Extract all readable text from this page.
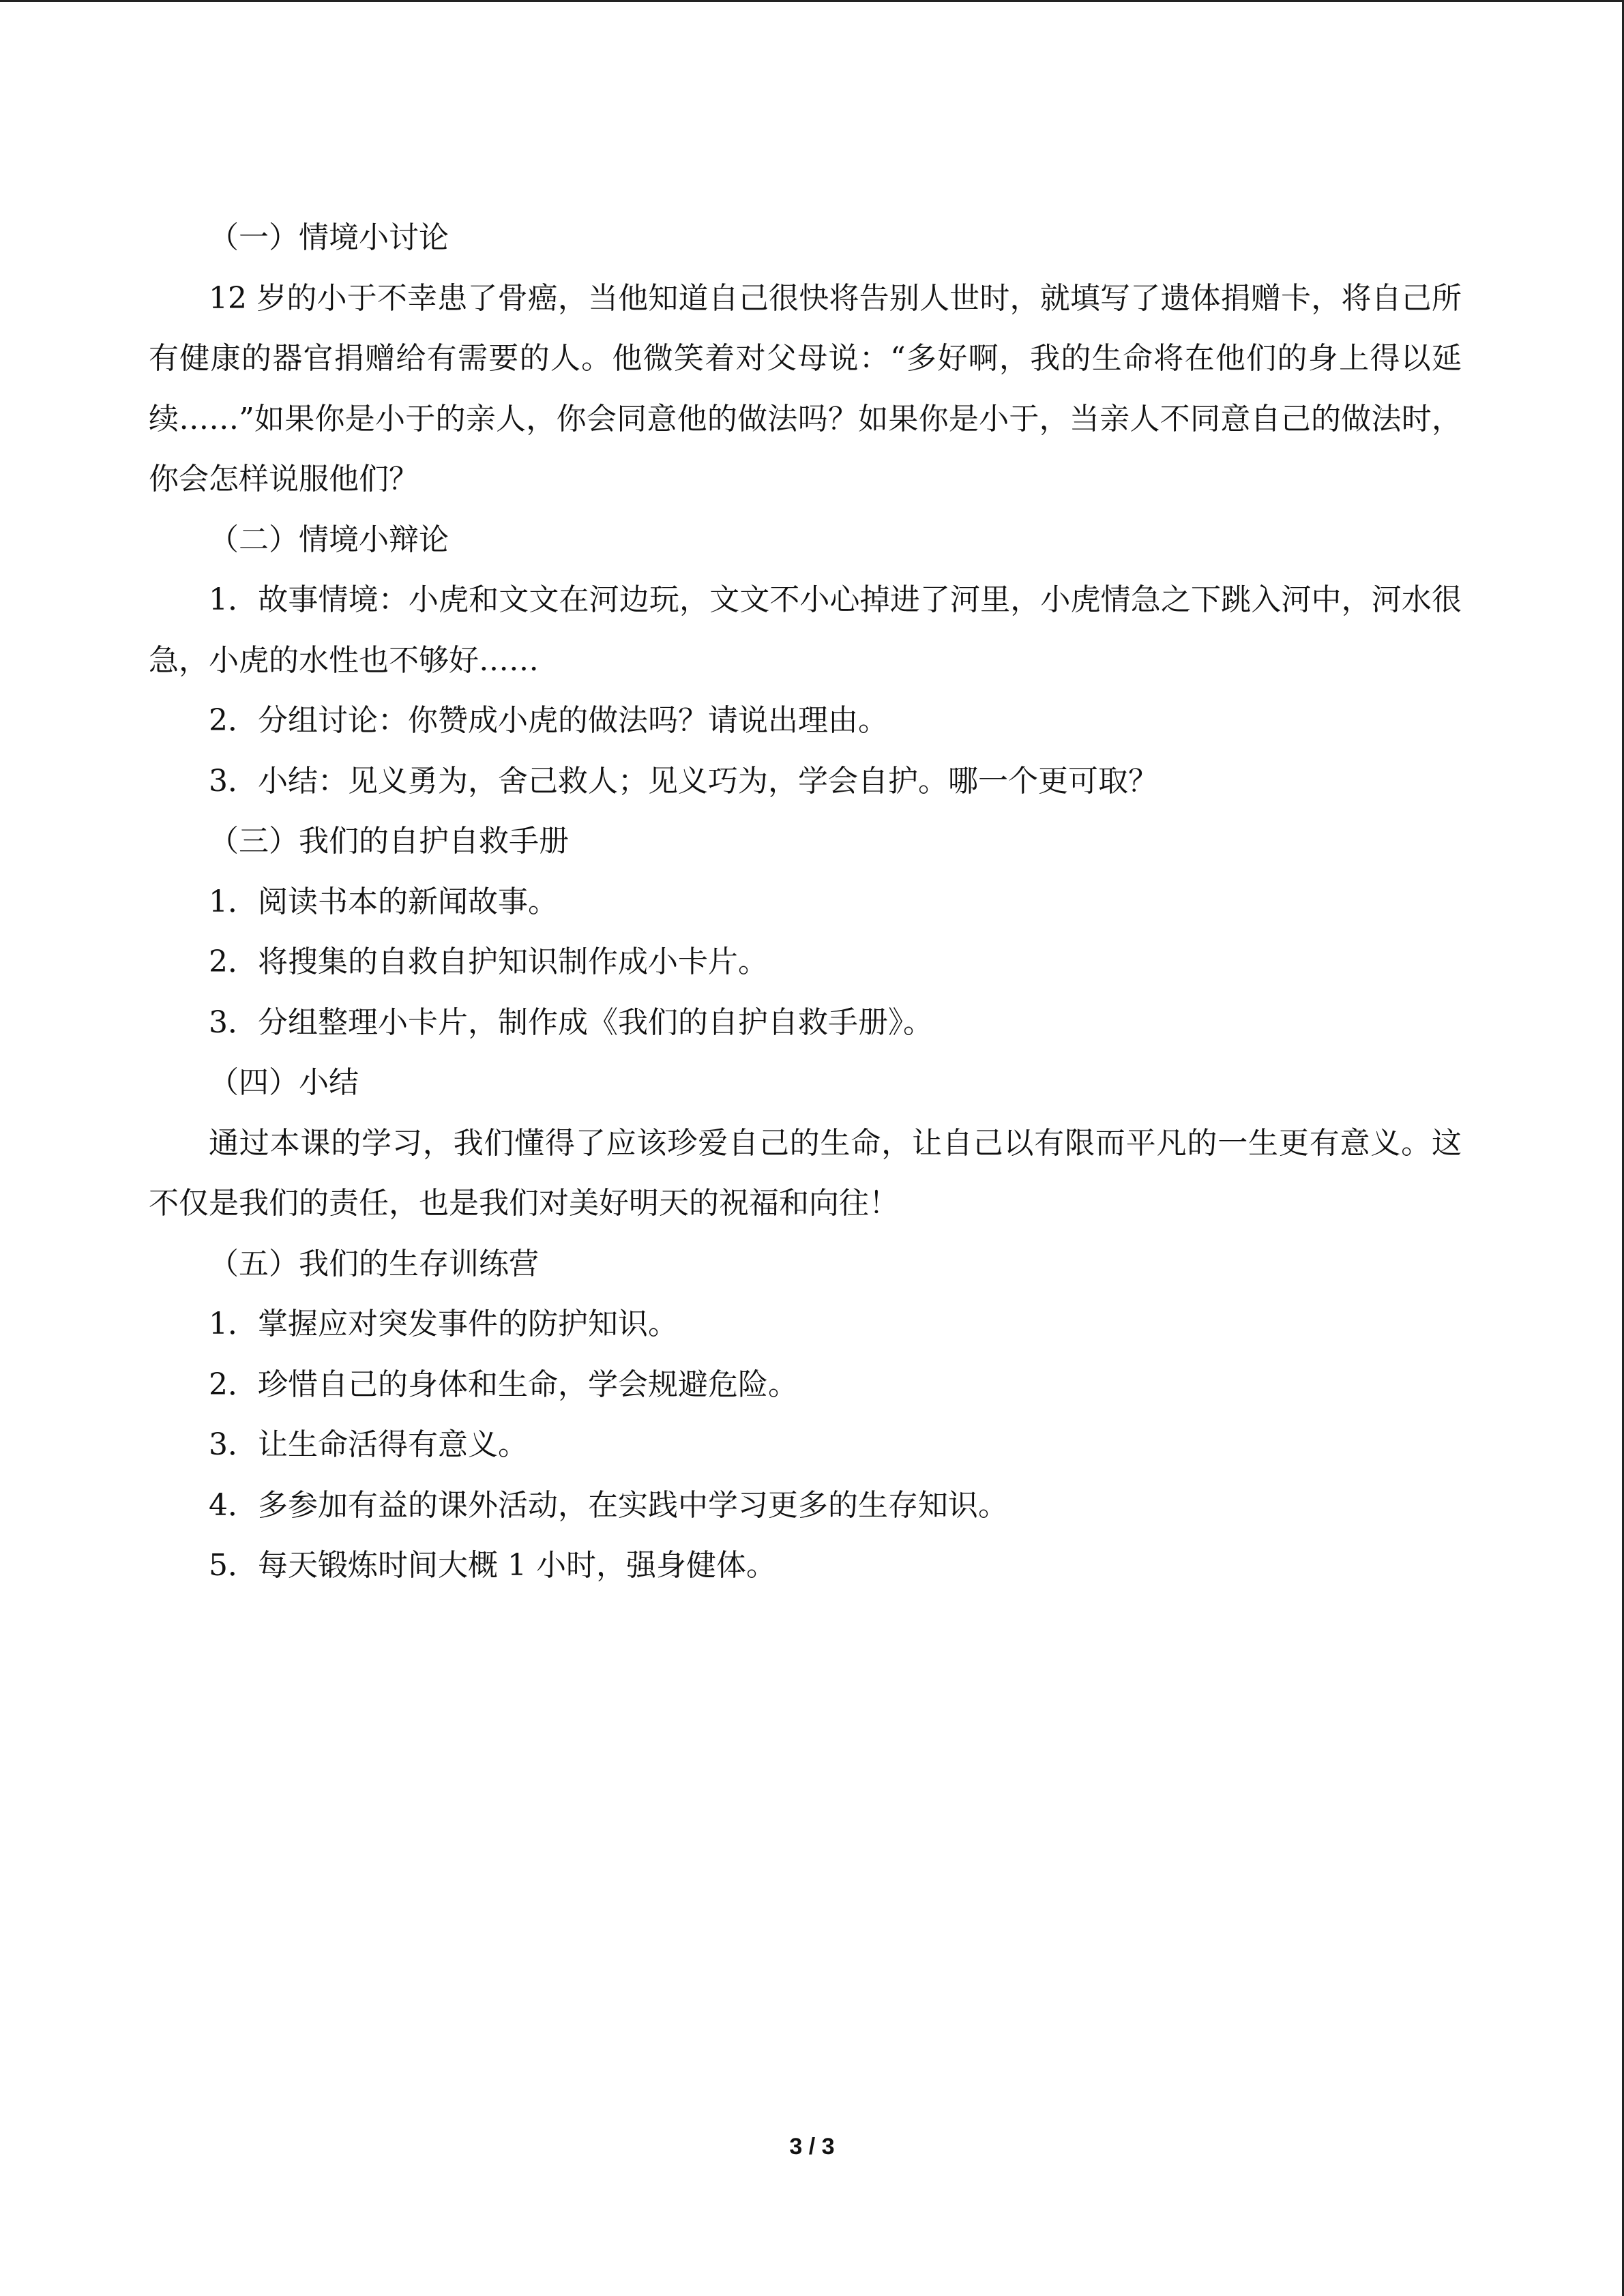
（一）情境小讨论

12 岁的小于不幸患了骨癌，当他知道自己很快将告别人世时，就填写了遗体捐赠卡，将自己所有健康的器官捐赠给有需要的人。他微笑着对父母说：“多好啊，我的生命将在他们的身上得以延续……”如果你是小于的亲人，你会同意他的做法吗？如果你是小于，当亲人不同意自己的做法时，你会怎样说服他们？

（二）情境小辩论

1．故事情境：小虎和文文在河边玩，文文不小心掉进了河里，小虎情急之下跳入河中，河水很急，小虎的水性也不够好……

2．分组讨论：你赞成小虎的做法吗？请说出理由。

3．小结：见义勇为，舍己救人；见义巧为，学会自护。哪一个更可取？

（三）我们的自护自救手册

1．阅读书本的新闻故事。

2．将搜集的自救自护知识制作成小卡片。

3．分组整理小卡片，制作成《我们的自护自救手册》。

（四）小结

通过本课的学习，我们懂得了应该珍爱自己的生命，让自己以有限而平凡的一生更有意义。这不仅是我们的责任，也是我们对美好明天的祝福和向往！

（五）我们的生存训练营

1．掌握应对突发事件的防护知识。

2．珍惜自己的身体和生命，学会规避危险。

3．让生命活得有意义。

4．多参加有益的课外活动，在实践中学习更多的生存知识。

5．每天锻炼时间大概 1 小时，强身健体。

3 / 3
